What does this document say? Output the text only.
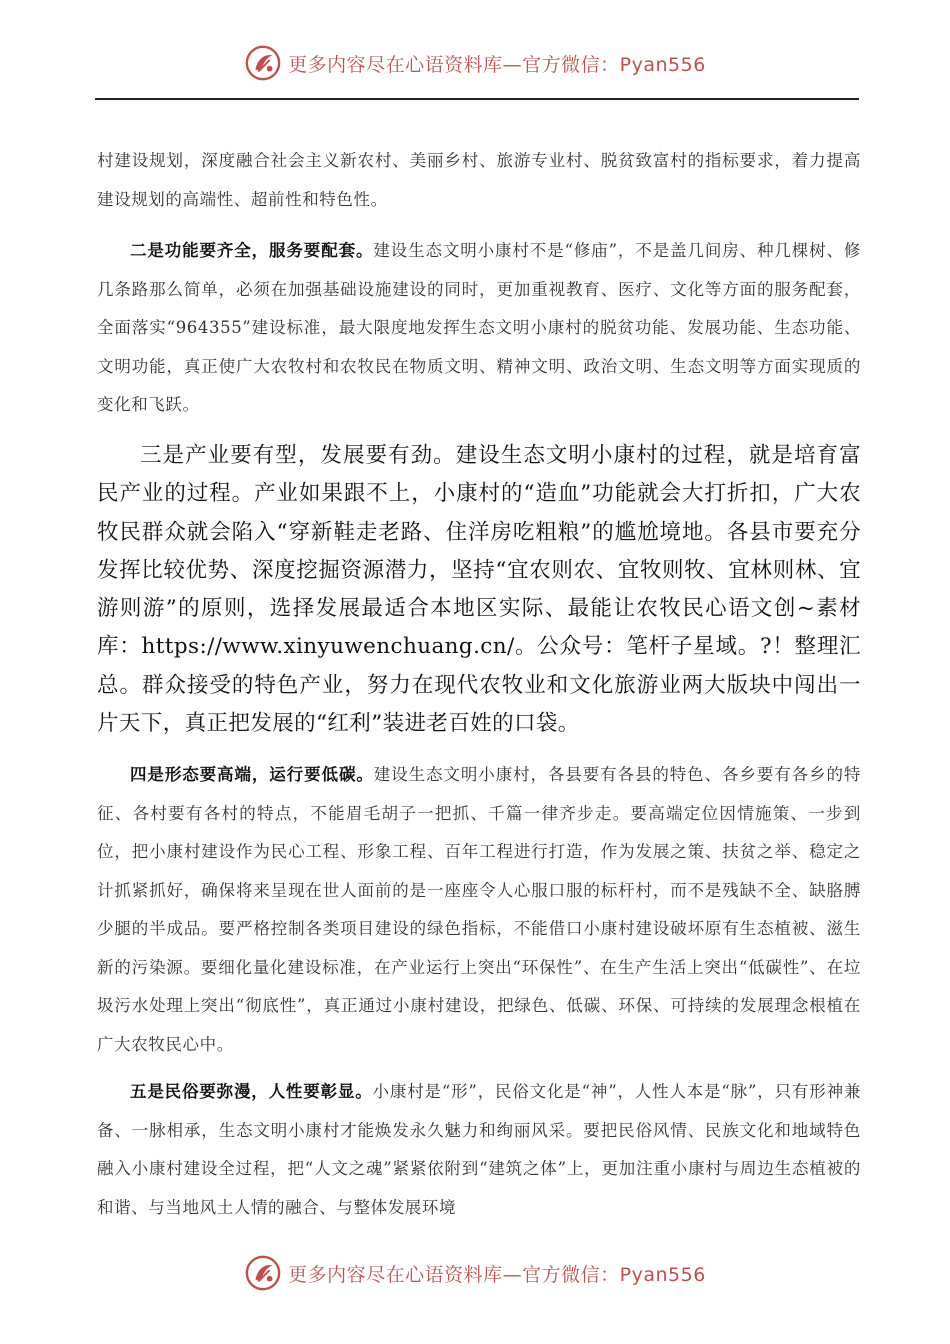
更多内容尽在心语资料库—官方微信：Pyan556

村建设规划，深度融合社会主义新农村、美丽乡村、旅游专业村、脱贫致富村的指标要求，着力提高建设规划的高端性、超前性和特色性。

二是功能要齐全，服务要配套。建设生态文明小康村不是“修庙”，不是盖几间房、种几棵树、修几条路那么简单，必须在加强基础设施建设的同时，更加重视教育、医疗、文化等方面的服务配套，全面落实“964355”建设标准，最大限度地发挥生态文明小康村的脱贫功能、发展功能、生态功能、文明功能，真正使广大农牧村和农牧民在物质文明、精神文明、政治文明、生态文明等方面实现质的变化和飞跃。

三是产业要有型，发展要有劲。建设生态文明小康村的过程，就是培育富民产业的过程。产业如果跟不上，小康村的“造血”功能就会大打折扣，广大农牧民群众就会陷入“穿新鞋走老路、住洋房吃粗粮”的尴尬境地。各县市要充分发挥比较优势、深度挖掘资源潜力，坚持“宜农则农、宜牧则牧、宜林则林、宜游则游”的原则，选择发展最适合本地区实际、最能让农牧民心语文创~素材库：https://www.xinyuwenchuang.cn/。公众号：笔杆子星域。?！整理汇总。群众接受的特色产业，努力在现代农牧业和文化旅游业两大版块中闯出一片天下，真正把发展的“红利”装进老百姓的口袋。

四是形态要高端，运行要低碳。建设生态文明小康村，各县要有各县的特色、各乡要有各乡的特征、各村要有各村的特点，不能眉毛胡子一把抓、千篇一律齐步走。要高端定位因情施策、一步到位，把小康村建设作为民心工程、形象工程、百年工程进行打造，作为发展之策、扶贫之举、稳定之计抓紧抓好，确保将来呈现在世人面前的是一座座令人心服口服的标杆村，而不是残缺不全、缺胳膊少腿的半成品。要严格控制各类项目建设的绿色指标，不能借口小康村建设破坏原有生态植被、滋生新的污染源。要细化量化建设标准，在产业运行上突出“环保性”、在生产生活上突出“低碳性”、在垃圾污水处理上突出“彻底性”，真正通过小康村建设，把绿色、低碳、环保、可持续的发展理念根植在广大农牧民心中。

五是民俗要弥漫，人性要彰显。小康村是“形”，民俗文化是“神”，人性人本是“脉”，只有形神兼备、一脉相承，生态文明小康村才能焕发永久魅力和绚丽风采。要把民俗风情、民族文化和地域特色融入小康村建设全过程，把“人文之魂”紧紧依附到“建筑之体”上，更加注重小康村与周边生态植被的和谐、与当地风土人情的融合、与整体发展环境

更多内容尽在心语资料库—官方微信：Pyan556
